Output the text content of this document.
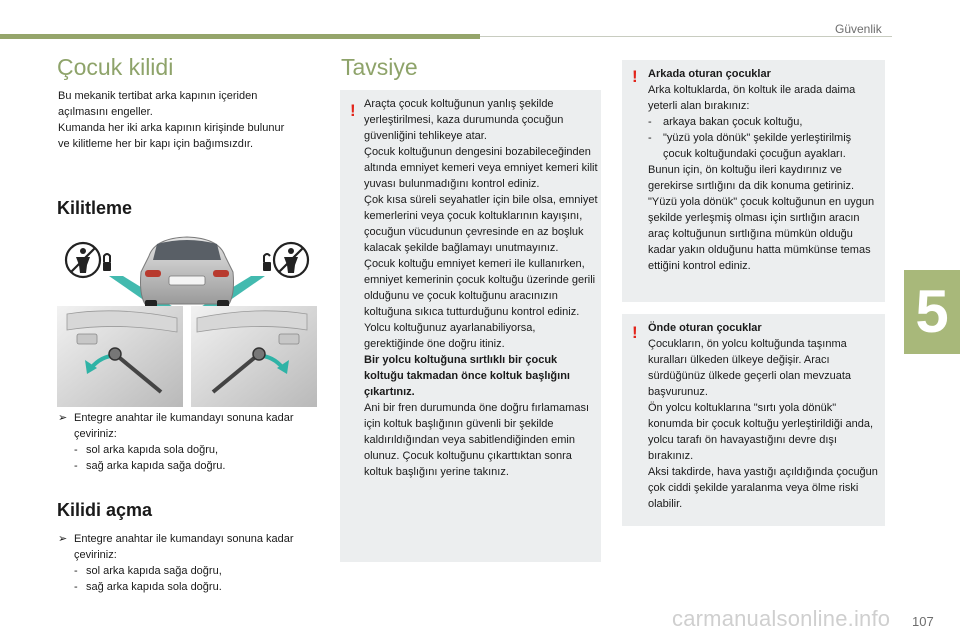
Güvenlik
5
107
carmanualsonline.info
Çocuk kilidi
Bu mekanik tertibat arka kapının içeriden
açılmasını engeller.
Kumanda her iki arka kapının kirişinde bulunur
ve kilitleme her bir kapı için bağımsızdır.
Kilitleme
➢ Entegre anahtar ile kumandayı sonuna kadar çeviriniz:
- sol arka kapıda sola doğru,
- sağ arka kapıda sağa doğru.
Kilidi açma
➢ Entegre anahtar ile kumandayı sonuna kadar çeviriniz:
- sol arka kapıda sağa doğru,
- sağ arka kapıda sola doğru.
Tavsiye
! Araçta çocuk koltuğunun yanlış şekilde yerleştirilmesi, kaza durumunda çocuğun güvenliğini tehlikeye atar.

Çocuk koltuğunun dengesini bozabileceğinden altında emniyet kemeri veya emniyet kemeri kilit yuvası bulunmadığını kontrol ediniz.

Çok kısa süreli seyahatler için bile olsa, emniyet kemerlerini veya çocuk koltuklarının kayışını, çocuğun vücudunun çevresinde en az boşluk kalacak şekilde bağlamayı unutmayınız.

Çocuk koltuğu emniyet kemeri ile kullanırken, emniyet kemerinin çocuk koltuğu üzerinde gerili olduğunu ve çocuk koltuğunu aracınızın koltuğuna sıkıca tutturduğunu kontrol ediniz. Yolcu koltuğunuz ayarlanabiliyorsa, gerektiğinde öne doğru itiniz.

Bir yolcu koltuğuna sırtlıklı bir çocuk koltuğu takmadan önce koltuk başlığını çıkartınız.

Ani bir fren durumunda öne doğru fırlamaması için koltuk başlığının güvenli bir şekilde kaldırıldığından veya sabitlendiğinden emin olunuz. Çocuk koltuğunu çıkarttıktan sonra koltuk başlığını yerine takınız.

! Arkada oturan çocuklar

Arka koltuklarda, ön koltuk ile arada daima yeterli alan bırakınız:

-	arkaya bakan çocuk koltuğu,
-	"yüzü yola dönük" şekilde yerleştirilmiş çocuk koltuğundaki çocuğun ayakları.

Bunun için, ön koltuğu ileri kaydırınız ve gerekirse sırtlığını da dik konuma getiriniz.

"Yüzü yola dönük" çocuk koltuğunun en uygun şekilde yerleşmiş olması için sırtlığın aracın araç koltuğunun sırtlığına mümkün olduğu kadar yakın olduğunu hatta mümkünse temas ettiğini kontrol ediniz.

! Önde oturan çocuklar

Çocukların, ön yolcu koltuğunda taşınma kuralları ülkeden ülkeye değişir. Aracı sürdüğünüz ülkede geçerli olan mevzuata başvurunuz.

Ön yolcu koltuklarına "sırtı yola dönük" konumda bir çocuk koltuğu yerleştirildiği anda, yolcu tarafı ön havayastığını devre dışı bırakınız.

Aksi takdirde, hava yastığı açıldığında çocuğun çok ciddi şekilde yaralanma veya ölme riski olabilir.
